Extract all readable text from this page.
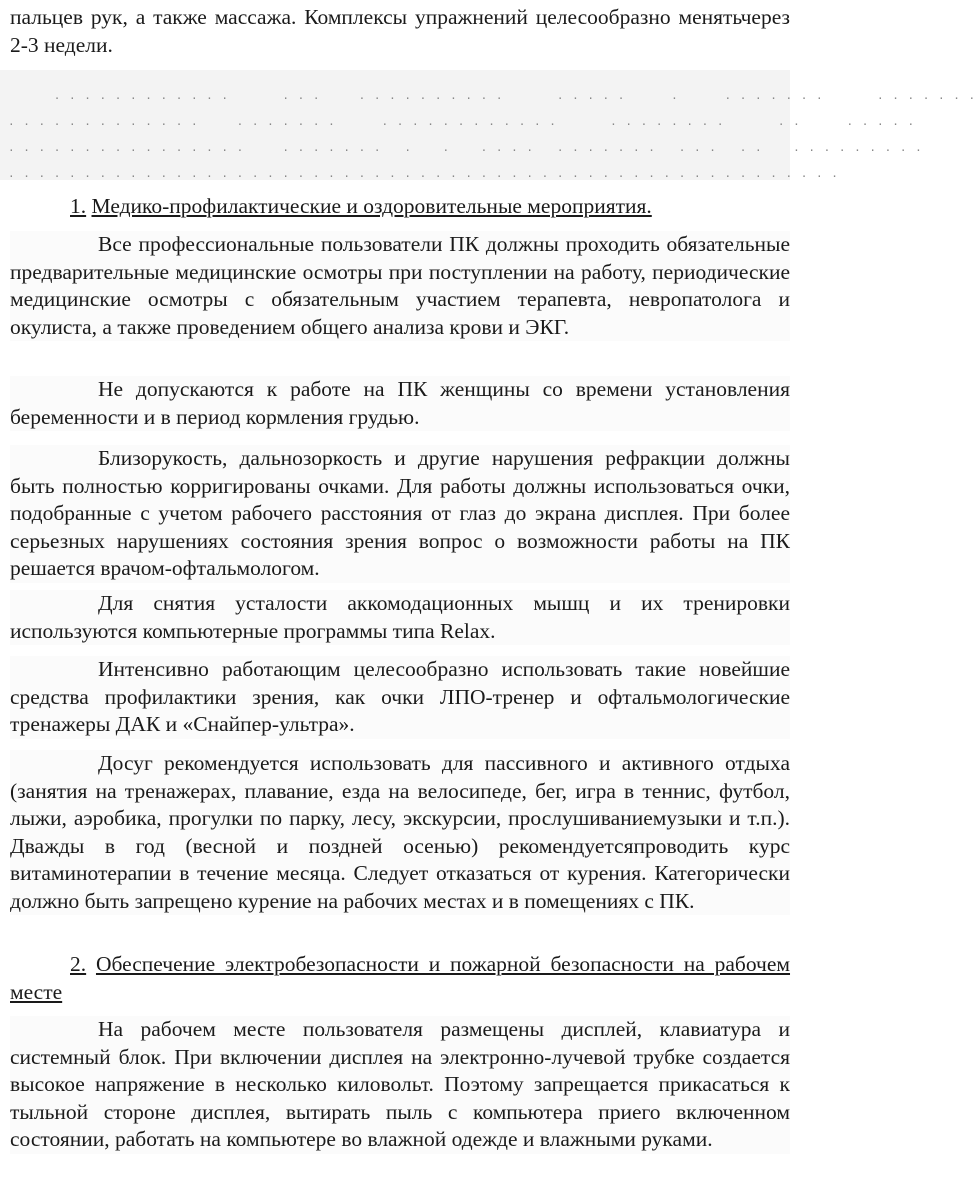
пальцев рук, а также массажа. Комплексы упражнений целесообразно менятьчерез 2-3 недели.

. . . . . . . . . . . .       . . .     . . . . . . . . . .       . . . . .      .      . . . . . . .       . . . . . . .
. . . . . . . . . . . . .     . . . . . . .      . . . . . . . . . . . .       . . . . . . . .       . .      . . . . .
. . . . . . . . . . . . . . . .     . . . . . . .   .    .    . . . .   . . . . . . .   . . .   . .    . . . . . . . . .
. . . . . . . . . . . . . . . . . . . . . . . . . . . . . . . . . . . . . . . . . . . . . . . . . . . . . . .

1. Медико-профилактические и оздоровительные мероприятия.

Все профессиональные пользователи ПК должны проходить обязательные предварительные медицинские осмотры при поступлении на работу, периодические медицинские осмотры с обязательным участием терапевта, невропатолога и окулиста, а также проведением общего анализа крови и ЭКГ.

Не допускаются к работе на ПК женщины со времени установления беременности и в период кормления грудью.

Близорукость, дальнозоркость и другие нарушения рефракции должны быть полностью корригированы очками. Для работы должны использоваться очки, подобранные с учетом рабочего расстояния от глаз до экрана дисплея. При более серьезных нарушениях состояния зрения вопрос о возможности работы на ПК решается врачом-офтальмологом.

Для снятия усталости аккомодационных мышц и их тренировки используются компьютерные программы типа Relax.

Интенсивно работающим целесообразно использовать такие новейшие средства профилактики зрения, как очки ЛПО-тренер и офтальмологические тренажеры ДАК и «Снайпер-ультра».

Досуг рекомендуется использовать для пассивного и активного отдыха (занятия на тренажерах, плавание, езда на велосипеде, бег, игра в теннис, футбол, лыжи, аэробика, прогулки по парку, лесу, экскурсии, прослушиваниемузыки и т.п.). Дважды в год (весной и поздней осенью) рекомендуетсяпроводить курс витаминотерапии в течение месяца. Следует отказаться от курения. Категорически должно быть запрещено курение на рабочих местах и в помещениях с ПК.

2. Обеспечение электробезопасности и пожарной безопасности на рабочем месте

На рабочем месте пользователя размещены дисплей, клавиатура и системный блок. При включении дисплея на электронно-лучевой трубке создается высокое напряжение в несколько киловольт. Поэтому запрещается прикасаться к тыльной стороне дисплея, вытирать пыль с компьютера приего включенном состоянии, работать на компьютере во влажной одежде и влажными руками.
